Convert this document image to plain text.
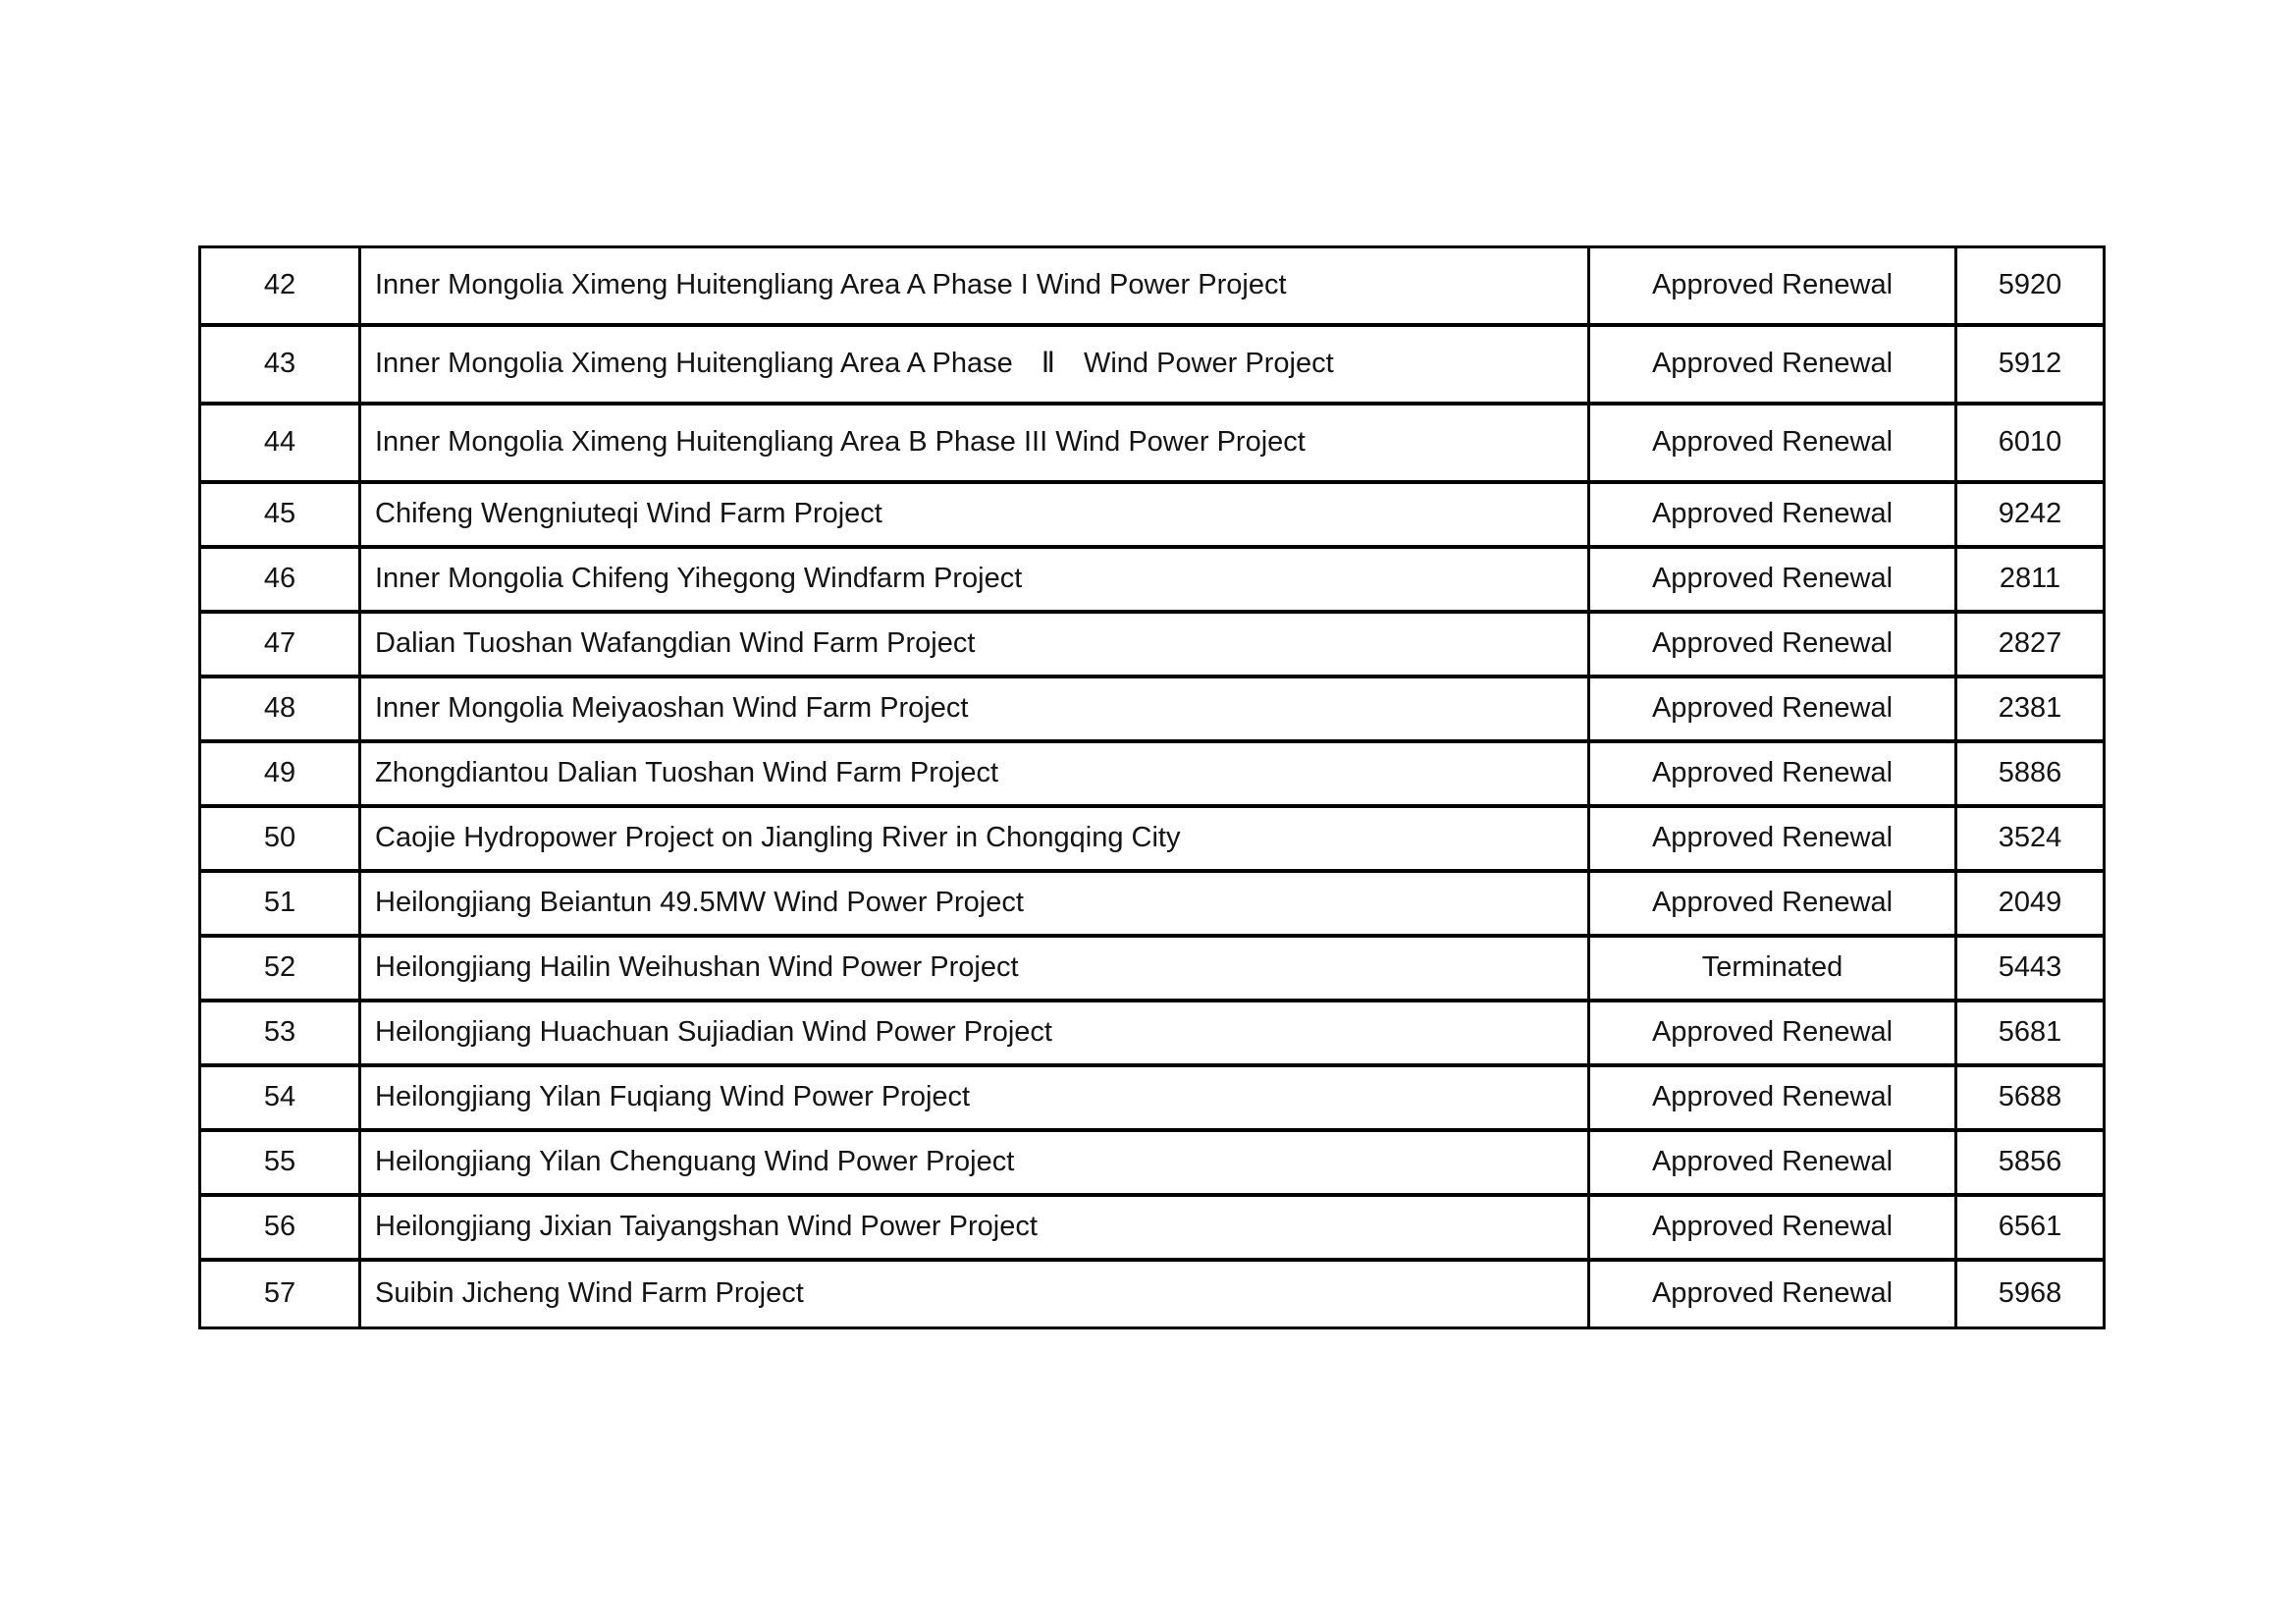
42	Inner Mongolia Ximeng Huitengliang Area A Phase I Wind Power Project	Approved Renewal	5920
43	Inner Mongolia Ximeng Huitengliang Area A Phase Ⅱ Wind Power Project	Approved Renewal	5912
44	Inner Mongolia Ximeng Huitengliang Area B Phase III Wind Power Project	Approved Renewal	6010
45	Chifeng Wengniuteqi Wind Farm Project	Approved Renewal	9242
46	Inner Mongolia Chifeng Yihegong Windfarm Project	Approved Renewal	2811
47	Dalian Tuoshan Wafangdian Wind Farm Project	Approved Renewal	2827
48	Inner Mongolia Meiyaoshan Wind Farm Project	Approved Renewal	2381
49	Zhongdiantou Dalian Tuoshan Wind Farm Project	Approved Renewal	5886
50	Caojie Hydropower Project on Jiangling River in Chongqing City	Approved Renewal	3524
51	Heilongjiang Beiantun 49.5MW Wind Power Project	Approved Renewal	2049
52	Heilongjiang Hailin Weihushan Wind Power Project	Terminated	5443
53	Heilongjiang Huachuan Sujiadian Wind Power Project	Approved Renewal	5681
54	Heilongjiang Yilan Fuqiang Wind Power Project	Approved Renewal	5688
55	Heilongjiang Yilan Chenguang Wind Power Project	Approved Renewal	5856
56	Heilongjiang Jixian Taiyangshan Wind Power Project	Approved Renewal	6561
57	Suibin Jicheng Wind Farm Project	Approved Renewal	5968
